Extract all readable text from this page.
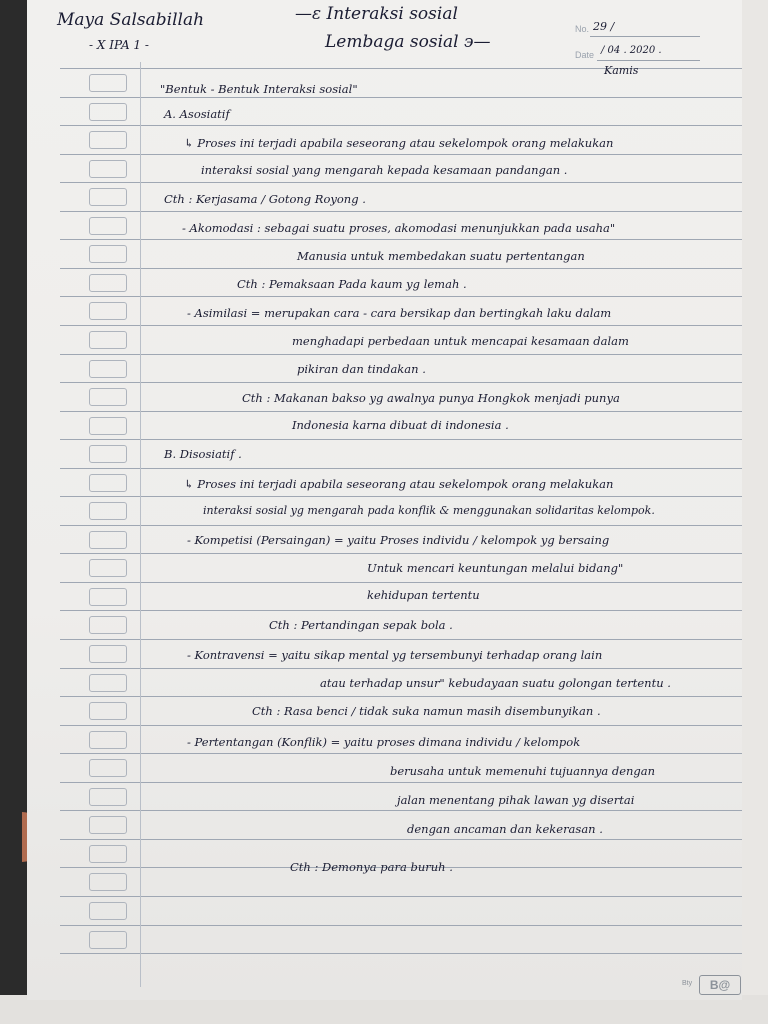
Maya Salsabillah
- X IPA 1 -
—ε Interaksi sosial
Lembaga sosial ϶—
No. 29 /
Date / 04 . 2020 .
Kamis
"Bentuk - Bentuk Interaksi sosial"
A. Asosiatif
↳ Proses ini terjadi apabila seseorang atau sekelompok orang melakukan
interaksi sosial yang mengarah kepada kesamaan pandangan .
Cth : Kerjasama / Gotong Royong .
- Akomodasi : sebagai suatu proses, akomodasi menunjukkan pada usaha"
Manusia untuk membedakan suatu pertentangan
Cth : Pemaksaan Pada kaum yg lemah .
- Asimilasi = merupakan cara - cara bersikap dan bertingkah laku dalam
menghadapi perbedaan untuk mencapai kesamaan dalam
pikiran dan tindakan .
Cth : Makanan bakso yg awalnya punya Hongkok menjadi punya
Indonesia karna dibuat di indonesia .
B. Disosiatif .
↳ Proses ini terjadi apabila seseorang atau sekelompok orang melakukan
interaksi sosial yg mengarah pada konflik & menggunakan solidaritas kelompok.
- Kompetisi (Persaingan) = yaitu Proses individu / kelompok yg bersaing
Untuk mencari keuntungan melalui bidang"
kehidupan tertentu
Cth : Pertandingan sepak bola .
- Kontravensi = yaitu sikap mental yg tersembunyi terhadap orang lain
atau terhadap unsur" kebudayaan suatu golongan tertentu .
Cth : Rasa benci / tidak suka namun masih disembunyikan .
- Pertentangan (Konflik) = yaitu proses dimana individu / kelompok
berusaha untuk memenuhi tujuannya dengan
jalan menentang pihak lawan yg disertai
dengan ancaman dan kekerasan .
Cth : Demonya para buruh .
Bty	B@
